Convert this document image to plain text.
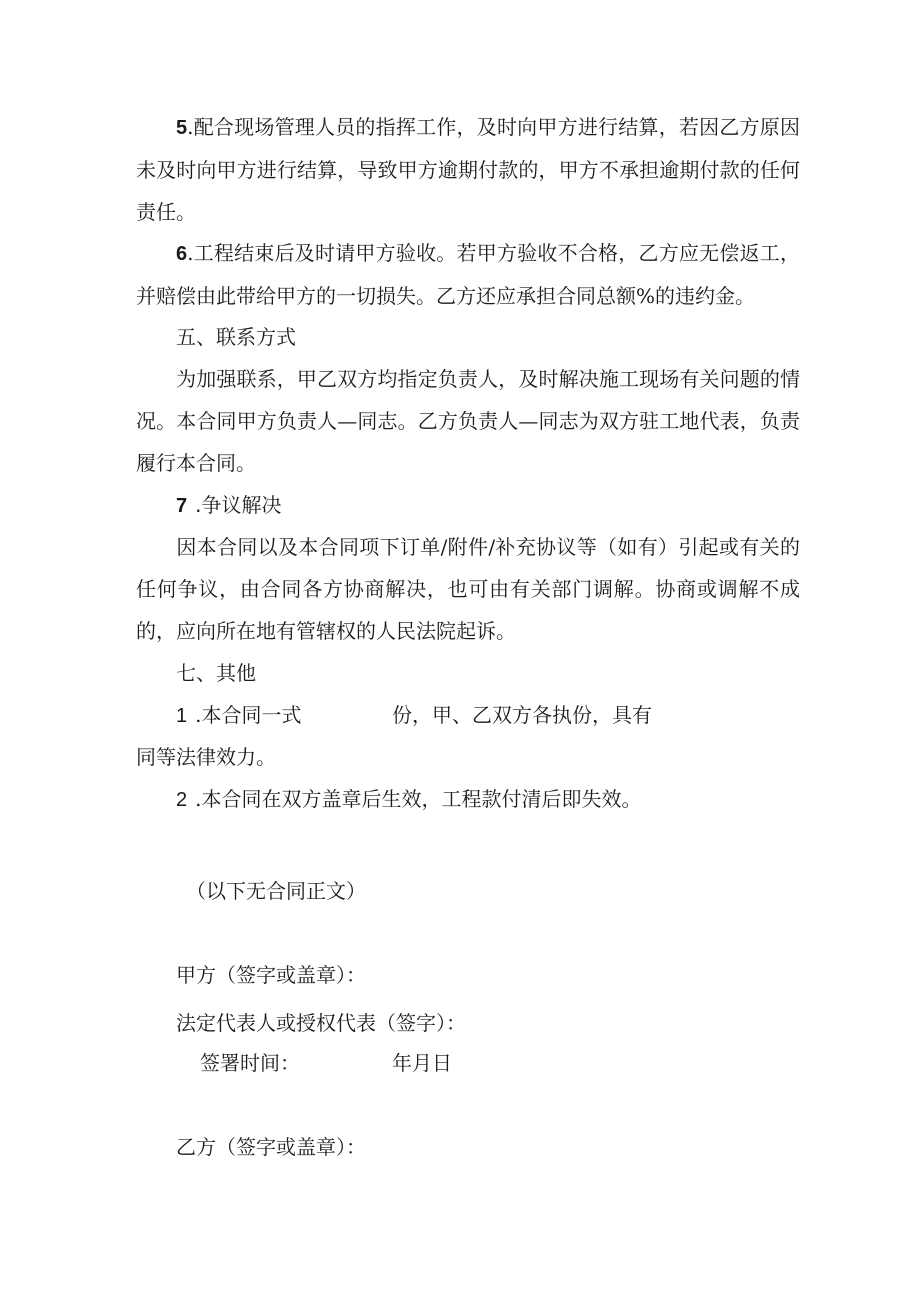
5.配合现场管理人员的指挥工作，及时向甲方进行结算，若因乙方原因未及时向甲方进行结算，导致甲方逾期付款的，甲方不承担逾期付款的任何责任。

6.工程结束后及时请甲方验收。若甲方验收不合格，乙方应无偿返工，并赔偿由此带给甲方的一切损失。乙方还应承担合同总额%的违约金。

五、联系方式

为加强联系，甲乙双方均指定负责人，及时解决施工现场有关问题的情况。本合同甲方负责人—同志。乙方负责人—同志为双方驻工地代表，负责履行本合同。

7 .争议解决

因本合同以及本合同项下订单/附件/补充协议等（如有）引起或有关的任何争议，由合同各方协商解决，也可由有关部门调解。协商或调解不成的，应向所在地有管辖权的人民法院起诉。

七、其他

1 .本合同一式	份，甲、乙双方各执份，具有

同等法律效力。

2 .本合同在双方盖章后生效，工程款付清后即失效。

（以下无合同正文）

甲方（签字或盖章）：

法定代表人或授权代表（签字）：

签署时间：	年月日

乙方（签字或盖章）：
